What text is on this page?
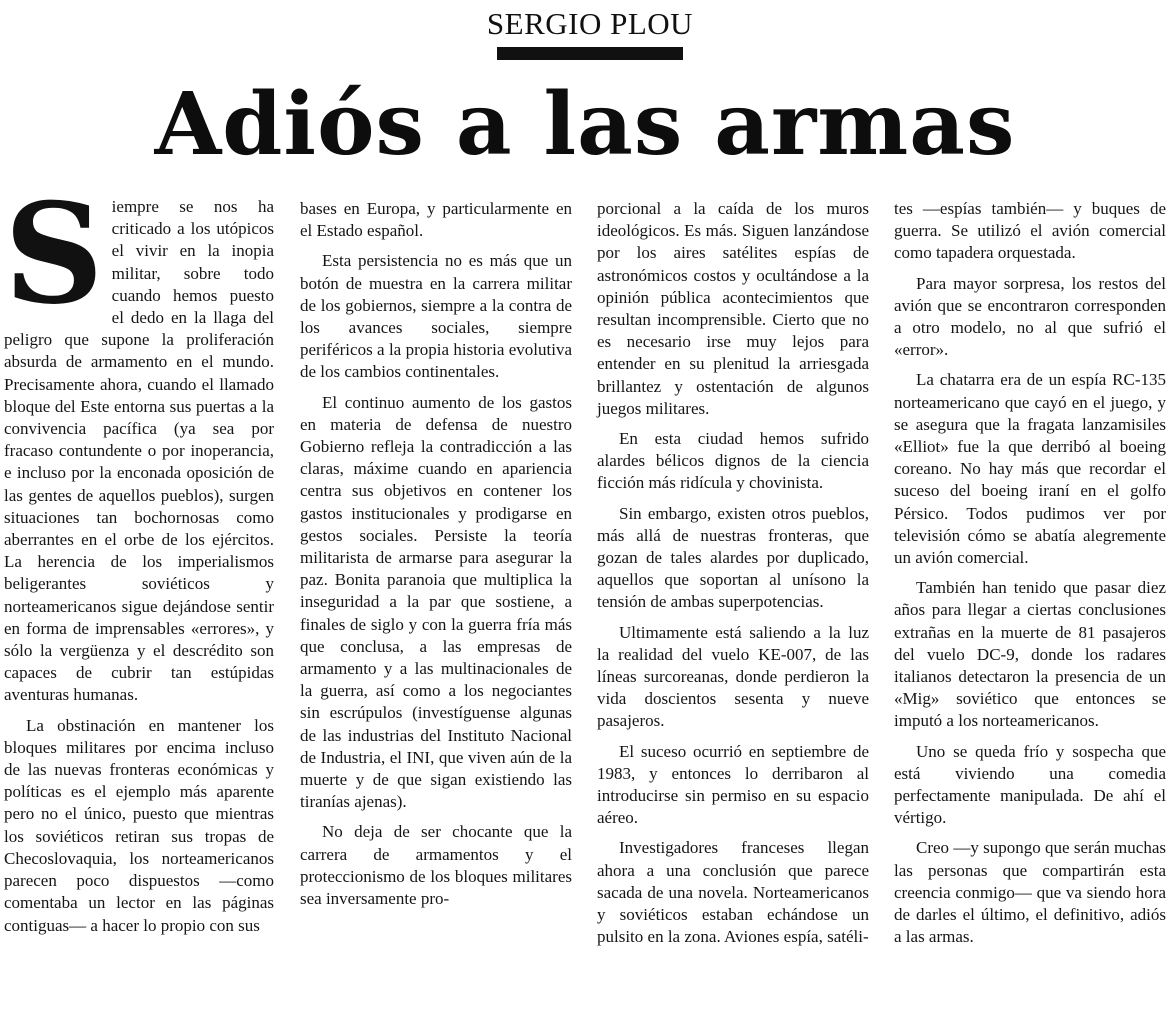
SERGIO PLOU
Adiós a las armas

Siempre se nos ha criticado a los utópicos el vivir en la inopia militar, sobre todo cuando hemos puesto el dedo en la llaga del peligro que supone la proliferación absurda de armamento en el mundo. Precisamente ahora, cuando el llamado bloque del Este entorna sus puertas a la convivencia pacífica (ya sea por fracaso contundente o por inoperancia, e incluso por la enconada oposición de las gentes de aquellos pueblos), surgen situaciones tan bochornosas como aberrantes en el orbe de los ejércitos. La herencia de los imperialismos beligerantes soviéticos y norteamericanos sigue dejándose sentir en forma de imprensables «errores», y sólo la vergüenza y el descrédito son capaces de cubrir tan estúpidas aventuras humanas.

La obstinación en mantener los bloques militares por encima incluso de las nuevas fronteras económicas y políticas es el ejemplo más aparente pero no el único, puesto que mientras los soviéticos retiran sus tropas de Checoslovaquia, los norteamericanos parecen poco dispuestos —como comentaba un lector en las páginas contiguas— a hacer lo propio con sus

bases en Europa, y particularmente en el Estado español.

Esta persistencia no es más que un botón de muestra en la carrera militar de los gobiernos, siempre a la contra de los avances sociales, siempre periféricos a la propia historia evolutiva de los cambios continentales.

El continuo aumento de los gastos en materia de defensa de nuestro Gobierno refleja la contradicción a las claras, máxime cuando en apariencia centra sus objetivos en contener los gastos institucionales y prodigarse en gestos sociales. Persiste la teoría militarista de armarse para asegurar la paz. Bonita paranoia que multiplica la inseguridad a la par que sostiene, a finales de siglo y con la guerra fría más que conclusa, a las empresas de armamento y a las multinacionales de la guerra, así como a los negociantes sin escrúpulos (investíguense algunas de las industrias del Instituto Nacional de Industria, el INI, que viven aún de la muerte y de que sigan existiendo las tiranías ajenas).

No deja de ser chocante que la carrera de armamentos y el proteccionismo de los bloques militares sea inversamente pro-

porcional a la caída de los muros ideológicos. Es más. Siguen lanzándose por los aires satélites espías de astronómicos costos y ocultándose a la opinión pública acontecimientos que resultan incomprensible. Cierto que no es necesario irse muy lejos para entender en su plenitud la arriesgada brillantez y ostentación de algunos juegos militares.

En esta ciudad hemos sufrido alardes bélicos dignos de la ciencia ficción más ridícula y chovinista.

Sin embargo, existen otros pueblos, más allá de nuestras fronteras, que gozan de tales alardes por duplicado, aquellos que soportan al unísono la tensión de ambas superpotencias.

Ultimamente está saliendo a la luz la realidad del vuelo KE-007, de las líneas surcoreanas, donde perdieron la vida doscientos sesenta y nueve pasajeros.

El suceso ocurrió en septiembre de 1983, y entonces lo derribaron al introducirse sin permiso en su espacio aéreo.

Investigadores franceses llegan ahora a una conclusión que parece sacada de una novela. Norteamericanos y soviéticos estaban echándose un pulsito en la zona. Aviones espía, satéli-

tes —espías también— y buques de guerra. Se utilizó el avión comercial como tapadera orquestada.

Para mayor sorpresa, los restos del avión que se encontraron corresponden a otro modelo, no al que sufrió el «error».

La chatarra era de un espía RC-135 norteamericano que cayó en el juego, y se asegura que la fragata lanzamisiles «Elliot» fue la que derribó al boeing coreano. No hay más que recordar el suceso del boeing iraní en el golfo Pérsico. Todos pudimos ver por televisión cómo se abatía alegremente un avión comercial.

También han tenido que pasar diez años para llegar a ciertas conclusiones extrañas en la muerte de 81 pasajeros del vuelo DC-9, donde los radares italianos detectaron la presencia de un «Mig» soviético que entonces se imputó a los norteamericanos.

Uno se queda frío y sospecha que está viviendo una comedia perfectamente manipulada. De ahí el vértigo.

Creo —y supongo que serán muchas las personas que compartirán esta creencia conmigo— que va siendo hora de darles el último, el definitivo, adiós a las armas.
